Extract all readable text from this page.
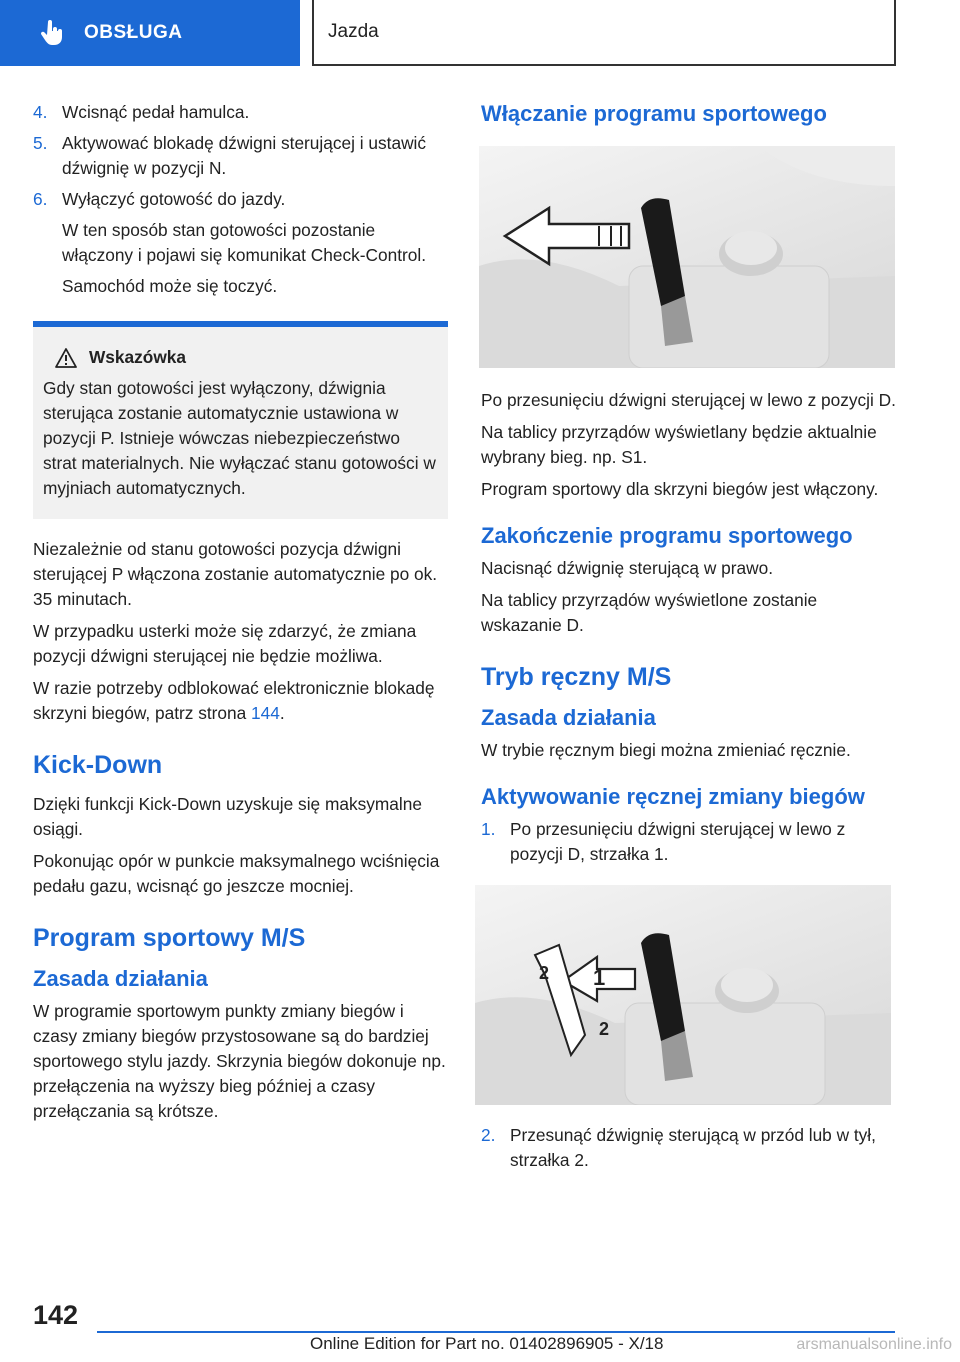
OBSŁUGA	Jazda
4. Wcisnąć pedał hamulca.
5. Aktywować blokadę dźwigni sterującej i ustawić dźwignię w pozycji N.
6. Wyłączyć gotowość do jazdy.
W ten sposób stan gotowości pozostanie włączony i pojawi się komunikat Check-Control.
Samochód może się toczyć.
Wskazówka
Gdy stan gotowości jest wyłączony, dźwignia sterująca zostanie automatycznie ustawiona w pozycji P. Istnieje wówczas niebezpieczeństwo strat materialnych. Nie wyłączać stanu gotowości w myjniach automatycznych.

Niezależnie od stanu gotowości pozycja dźwigni sterującej P włączona zostanie automatycznie po ok. 35 minutach.

W przypadku usterki może się zdarzyć, że zmiana pozycji dźwigni sterującej nie będzie możliwa.

W razie potrzeby odblokować elektronicznie blokadę skrzyni biegów, patrz strona 144.

Kick-Down

Dzięki funkcji Kick-Down uzyskuje się maksymalne osiągi.

Pokonując opór w punkcie maksymalnego wciśnięcia pedału gazu, wcisnąć go jeszcze mocniej.

Program sportowy M/S
Zasada działania

W programie sportowym punkty zmiany biegów i czasy zmiany biegów przystosowane są do bardziej sportowego stylu jazdy. Skrzynia biegów dokonuje np. przełączenia na wyższy bieg później a czasy przełączania są krótsze.

Włączanie programu sportowego

Po przesunięciu dźwigni sterującej w lewo z pozycji D.

Na tablicy przyrządów wyświetlany będzie aktualnie wybrany bieg. np. S1.

Program sportowy dla skrzyni biegów jest włączony.

Zakończenie programu sportowego

Nacisnąć dźwignię sterującą w prawo.

Na tablicy przyrządów wyświetlone zostanie wskazanie D.

Tryb ręczny M/S
Zasada działania

W trybie ręcznym biegi można zmieniać ręcznie.

Aktywowanie ręcznej zmiany biegów
1. Po przesunięciu dźwigni sterującej w lewo z pozycji D, strzałka 1.
1
2
2
2. Przesunąć dźwignię sterującą w przód lub w tył, strzałka 2.
142
Online Edition for Part no. 01402896905 - X/18	arsmanualsonline.info
